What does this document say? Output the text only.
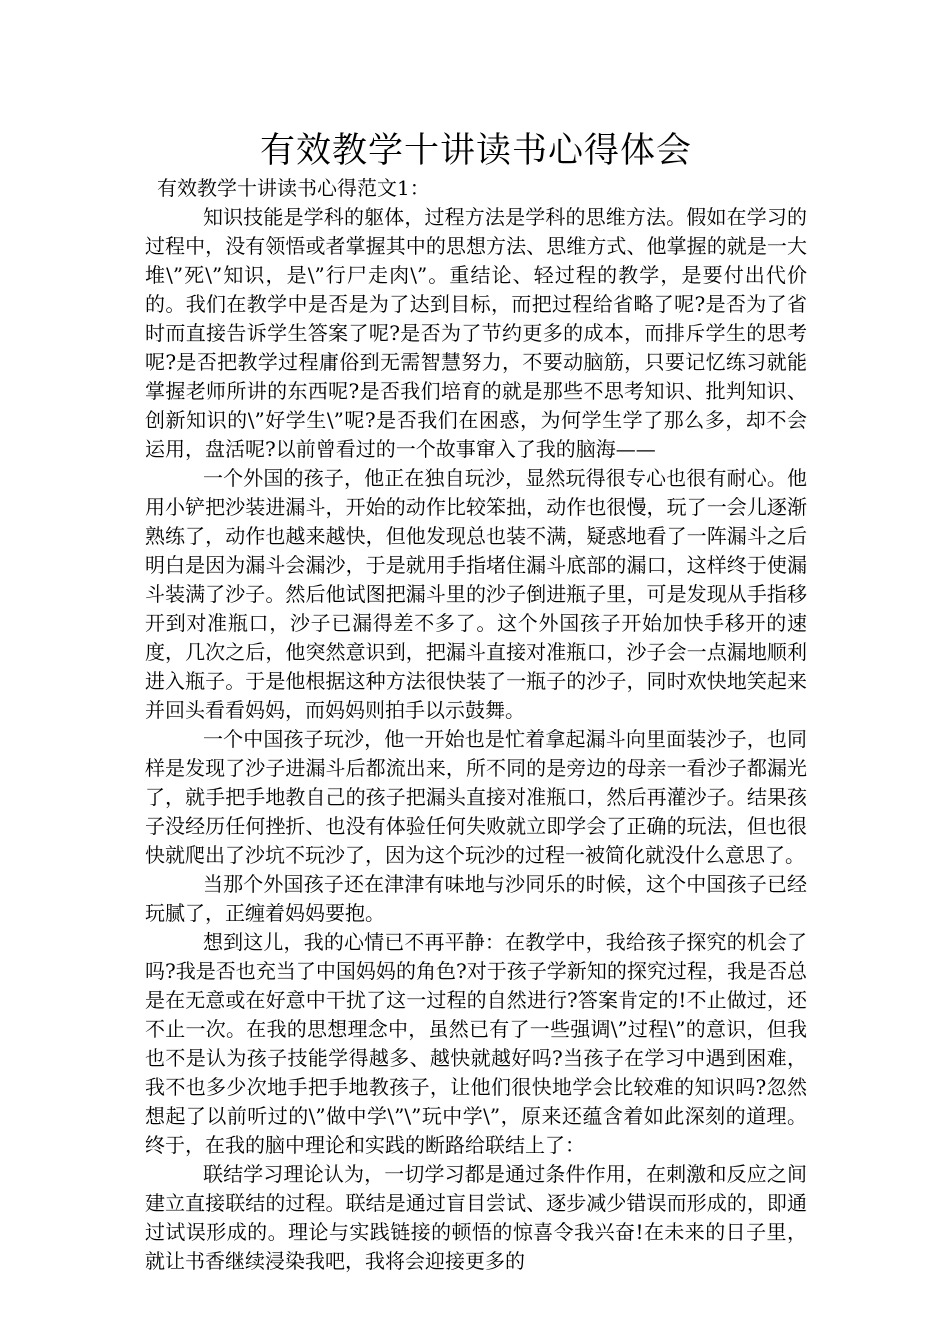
有效教学十讲读书心得体会

有效教学十讲读书心得范文1：

知识技能是学科的躯体，过程方法是学科的思维方法。假如在学习的过程中，没有领悟或者掌握其中的思想方法、思维方式、他掌握的就是一大堆\”死\”知识，是\”行尸走肉\”。重结论、轻过程的教学，是要付出代价的。我们在教学中是否是为了达到目标，而把过程给省略了呢?是否为了省时而直接告诉学生答案了呢?是否为了节约更多的成本，而排斥学生的思考呢?是否把教学过程庸俗到无需智慧努力，不要动脑筋，只要记忆练习就能掌握老师所讲的东西呢?是否我们培育的就是那些不思考知识、批判知识、创新知识的\”好学生\”呢?是否我们在困惑，为何学生学了那么多，却不会运用，盘活呢?以前曾看过的一个故事窜入了我的脑海——

一个外国的孩子，他正在独自玩沙，显然玩得很专心也很有耐心。他用小铲把沙装进漏斗，开始的动作比较笨拙，动作也很慢，玩了一会儿逐渐熟练了，动作也越来越快，但他发现总也装不满，疑惑地看了一阵漏斗之后明白是因为漏斗会漏沙，于是就用手指堵住漏斗底部的漏口，这样终于使漏斗装满了沙子。然后他试图把漏斗里的沙子倒进瓶子里，可是发现从手指移开到对准瓶口，沙子已漏得差不多了。这个外国孩子开始加快手移开的速度，几次之后，他突然意识到，把漏斗直接对准瓶口，沙子会一点漏地顺利进入瓶子。于是他根据这种方法很快装了一瓶子的沙子，同时欢快地笑起来并回头看看妈妈，而妈妈则拍手以示鼓舞。

一个中国孩子玩沙，他一开始也是忙着拿起漏斗向里面装沙子，也同样是发现了沙子进漏斗后都流出来，所不同的是旁边的母亲一看沙子都漏光了，就手把手地教自己的孩子把漏头直接对准瓶口，然后再灌沙子。结果孩子没经历任何挫折、也没有体验任何失败就立即学会了正确的玩法，但也很快就爬出了沙坑不玩沙了，因为这个玩沙的过程一被简化就没什么意思了。

当那个外国孩子还在津津有味地与沙同乐的时候，这个中国孩子已经玩腻了，正缠着妈妈要抱。

想到这儿，我的心情已不再平静：在教学中，我给孩子探究的机会了吗?我是否也充当了中国妈妈的角色?对于孩子学新知的探究过程，我是否总是在无意或在好意中干扰了这一过程的自然进行?答案肯定的!不止做过，还不止一次。在我的思想理念中，虽然已有了一些强调\”过程\”的意识，但我也不是认为孩子技能学得越多、越快就越好吗?当孩子在学习中遇到困难，我不也多少次地手把手地教孩子，让他们很快地学会比较难的知识吗?忽然想起了以前听过的\”做中学\”\”玩中学\”，原来还蕴含着如此深刻的道理。终于，在我的脑中理论和实践的断路给联结上了：

联结学习理论认为，一切学习都是通过条件作用，在刺激和反应之间建立直接联结的过程。联结是通过盲目尝试、逐步减少错误而形成的，即通过试误形成的。理论与实践链接的顿悟的惊喜令我兴奋!在未来的日子里，就让书香继续浸染我吧，我将会迎接更多的
